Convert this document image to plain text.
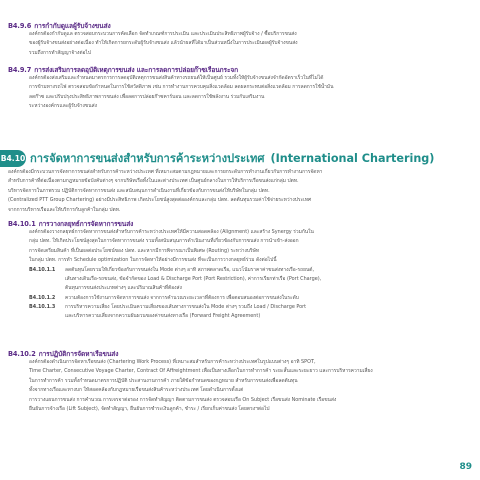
B4.9.6 การกำกับดูแลผู้รับจ้างขนส่ง

องค์กรต้องกำกับดูแล ตรวจสอบกระบวนการคัดเลือก จัดทำเกณฑ์การประเมิน และประเมินประสิทธิภาพผู้รับจ้าง / ซื้อบริการขนส่ง

ของผู้รับจ้างขนส่งอย่างต่อเนื่อง ทำให้เกิดการยกระดับผู้รับจ้างขนส่ง แล้วนำผลที่ได้มาเป็นส่วนหนึ่งในการประเมินผลผู้รับจ้างขนส่ง

รวมถึงการทำสัญญาจ้างต่อไป

B4.9.7 การส่งเสริมการลดอุบัติเหตุการขนส่ง และการลดการปล่อยก๊าซเรือนกระจก

องค์กรต้องส่งเสริมและกำหนดมาตรการการลดอุบัติเหตุการขนส่งสินค้าทางรถยนต์ให้เป็นศูนย์ รวมทั้งให้ผู้รับจ้างขนส่งจำกัดอัตราเร็วในที่ไม่ได้

การข้ามทางรถไฟ ตรวจสอบข้อกำหนดในการใช้สวัสดิภาพ เช่น การทำงานการควบคุมสิ่งแวดล้อม ลดผลกระทบต่อสิ่งแวดล้อม การลดการใช้น้ำมัน

ลดก๊าซ และปรับปรุงประสิทธิภาพการขนส่ง เพื่อลดการปล่อยก๊าซคาร์บอน และลดการใช้พลังงาน ร่วมกับเสริมงาน

ระหว่างองค์กรและผู้รับจ้างขนส่ง

B4.10 การจัดหาการขนส่งสำหรับการค้าระหว่างประเทศ (International Chartering)

องค์กรต้องมีกระบวนการจัดหาการขนส่งสำหรับการค้าระหว่างประเทศ ที่เหมาะสมตามกฎหมายและการยกระดับการทำงานเกี่ยวกับการทำงานการจัดหา

สำหรับการค้าที่ต่อเนื่องตามกฎหมายข้อบังคับต่างๆ จากบริษัทเรือทั้งในและต่างประเทศ เป็นศูนย์กลางในการให้บริการเรือขนส่งแก่กลุ่ม ปตท.

บริหารจัดการในภาพรวม ปฏิบัติการจัดหาการขนส่ง และสนับสนุนการดำเนินงานที่เกี่ยวข้องกับการขนส่งให้บริษัทในกลุ่ม ปตท.

(Centralized PTT Group Chartering) อย่างมีประสิทธิภาพ เกิดประโยชน์สูงสุดต่อองค์กรและกลุ่ม ปตท. ลดต้นทุนรวมค่าใช้จ่ายระหว่างประเทศ

จากการบริหารเรือและให้บริการกับลูกค้าในกลุ่ม ปตท.

B4.10.1 การวางกลยุทธ์การจัดหาการขนส่ง

องค์กรต้องวางกลยุทธ์การจัดหาการขนส่งสำหรับการค้าระหว่างประเทศให้มีความสอดคล้อง (Alignment) และสร้าง Synergy ร่วมกันใน

กลุ่ม ปตท. ให้เกิดประโยชน์สูงสุดในการจัดหาการขนส่ง รวมทั้งสนับสนุนการดำเนินงานที่เกี่ยวข้องกับการขนส่ง การนำเข้า-ส่งออก

การจัดเตรียมสินค้า ที่เป็นผลต่อประโยชน์ของ ปตท. และหากมีการพิจารณาเป็นพิเศษ (Routing) ระหว่างบริษัท

ในกลุ่ม ปตท. การทำ Schedule optimization ในการจัดหาให้อย่างมีการขนส่ง ที่จะเป็นการวางกลยุทธ์ร่วม ดังต่อไปนี้

B4.10.1.1 ลดต้นทุนโดยรวมให้เกี่ยวข้องกับการขนส่งใน Mode ต่างๆ อาทิ สภาพตลาดเรือ, แนวโน้มราคาค่าขนส่งทางเรือ-รถยนต์,
เส้นทางเดินเรือ-รถขนส่ง, ข้อจำกัดของ Load & Discharge Port (Port Restriction), ค่าการเรียกท่าเรือ (Port Charge),
ต้นทุนการขนส่งประเภทต่างๆ และปริมาณสินค้าที่ต้องส่ง
B4.10.1.2 ความต้องการใช้งานการจัดหาการขนส่ง จากการคำนวณระยะเวลาที่ต้องการ เพื่อตอบสนองต่อการขนส่งในระดับ
B4.10.1.3 การบริหารความเสี่ยง โดยประเมินความเสี่ยงของเส้นทางการขนส่งใน Mode ต่างๆ รวมถึง Load / Discharge Port
และบริหารความเสี่ยงจากความผันผวนของค่าขนส่งทางเรือ (Forward Freight Agreement)
B4.10.2 การปฏิบัติการจัดหาเรือขนส่ง

องค์กรต้องดำเนินการจัดหาเรือขนส่ง (Chartering Work Process) ที่เหมาะสมสำหรับการค้าระหว่างประเทศในรูปแบบต่างๆ อาทิ SPOT,

Time Charter, Consecutive Voyage Charter, Contract Of Affreightment เพื่อเป็นทางเลือกในการทำการค้า ระยะสั้นและระยะยาว และการบริหารความเสี่ยง

ในการทำการค้า รวมทั้งกำหนดมาตรการปฏิบัติ ประสานงานการค้า ภายใต้ข้อกำหนดของกฎหมาย สำหรับการขนส่งเพื่อลดต้นทุน

ทั้งจากทางเรือและทางบก ให้สอดคล้องกับกฎหมายเรือขนส่งสินค้าระหว่างประเทศ โดยดำเนินการตั้งแต่

การวางแผนการขนส่ง การคำนวณ การเจรจาต่อรอง การจัดทำสัญญา ติดตามการขนส่ง ตรวจสอบเรือ On Subject เรือขนส่ง Nominate เรือขนส่ง

ยืนยันการจ้างเรือ (Lift Subject), จัดทำสัญญา, ยืนยันการชำระเงินลูกค้า, ชำระ / เรียกเก็บค่าขนส่ง โดยตรงฯต่อไป

89
